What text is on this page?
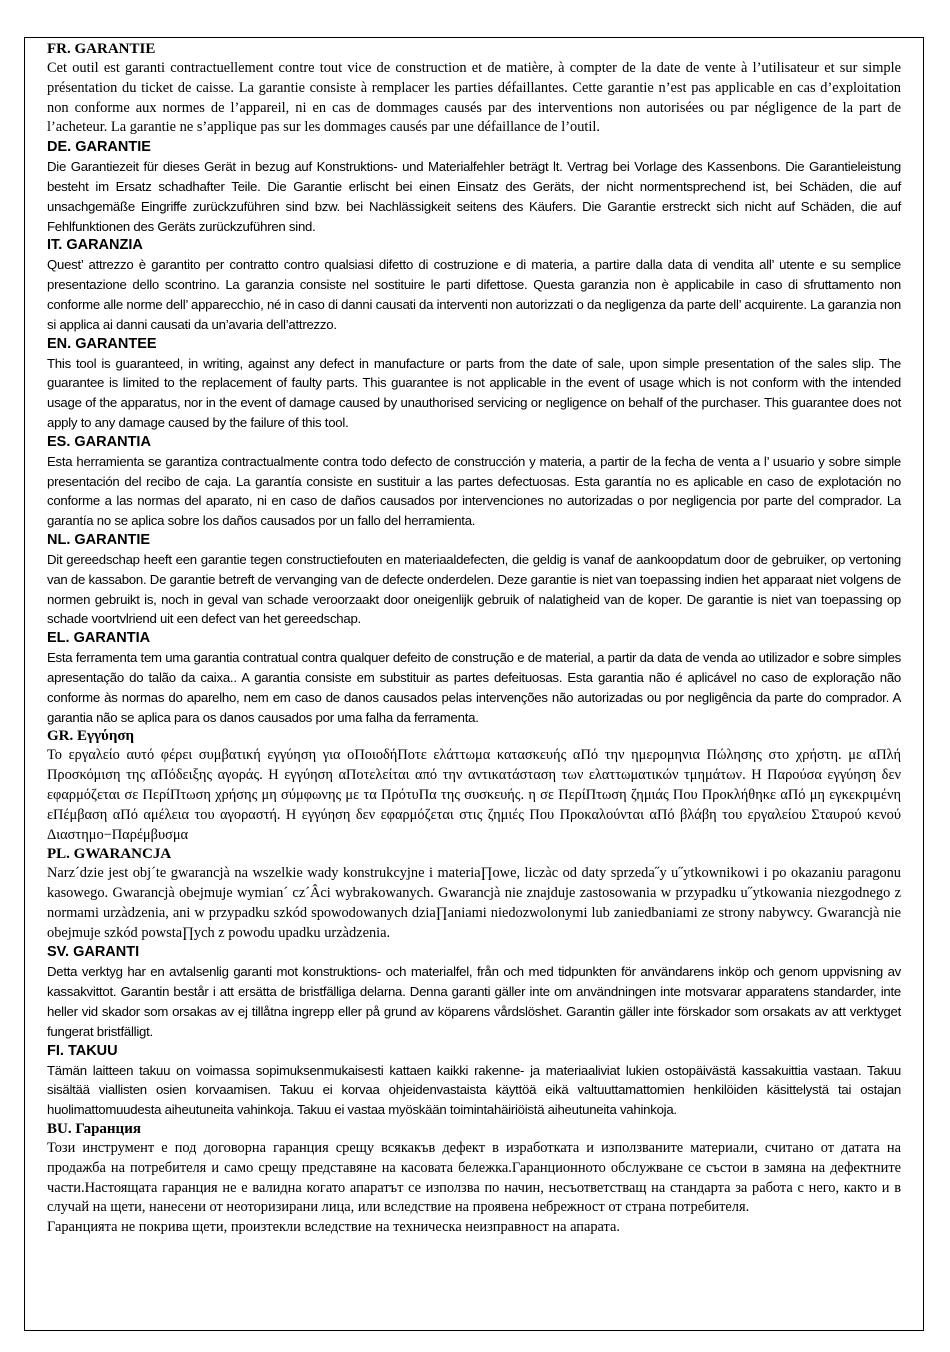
FR. GARANTIE

Cet outil est garanti contractuellement contre tout vice de construction et de matière, à compter de la date de vente à l’utilisateur et sur simple présentation du ticket de caisse. La garantie consiste à remplacer les parties défaillantes. Cette garantie n’est pas applicable en cas d’exploitation non conforme aux normes de l’appareil, ni en cas de dommages causés par des interventions non autorisées ou par négligence de la part de l’acheteur. La garantie ne s’applique pas sur les dommages causés par une défaillance de l’outil.

DE. GARANTIE

Die Garantiezeit für dieses Gerät in bezug auf Konstruktions- und Materialfehler beträgt lt. Vertrag bei Vorlage des Kassenbons. Die Garantieleistung besteht im Ersatz schadhafter Teile. Die Garantie erlischt bei einen Einsatz des Geräts, der nicht normentsprechend ist, bei Schäden, die auf unsachgemäße Eingriffe zurückzuführen sind bzw. bei Nachlässigkeit seitens des Käufers. Die Garantie erstreckt sich nicht auf Schäden, die auf Fehlfunktionen des Geräts zurückzuführen sind.

IT. GARANZIA

Quest’ attrezzo è garantito per contratto contro qualsiasi difetto di costruzione e di materia, a partire dalla data di vendita all’ utente e su semplice presentazione dello scontrino. La garanzia consiste nel sostituire le parti difettose. Questa garanzia non è applicabile in caso di sfruttamento non conforme alle norme dell’ apparecchio, né in caso di danni causati da interventi non autorizzati o da negligenza da parte dell’ acquirente. La garanzia non si applica ai danni causati da un’avaria dell’attrezzo.

EN. GARANTEE

This tool is guaranteed, in writing, against any defect in manufacture or parts from the date of sale, upon simple presentation of the sales slip. The guarantee is limited to the replacement of faulty parts. This guarantee is not applicable in the event of usage which is not conform with the intended usage of the apparatus, nor in the event of damage caused by unauthorised servicing or negligence on behalf of the purchaser. This guarantee does not apply to any damage caused by the failure of this tool.

ES. GARANTIA

Esta herramienta se garantiza contractualmente contra todo defecto de construcción y materia, a partir de la fecha de venta a l’ usuario y sobre simple presentación del recibo de caja. La garantía consiste en sustituir a las partes defectuosas. Esta garantía no es aplicable en caso de explotación no conforme a las normas del aparato, ni en caso de daños causados por intervenciones no autorizadas o por negligencia por parte del comprador. La garantía no se aplica sobre los daños causados por un fallo del herramienta.

NL. GARANTIE

Dit gereedschap heeft een garantie tegen constructiefouten en materiaaldefecten, die geldig is vanaf de aankoopdatum door de gebruiker, op vertoning van de kassabon. De garantie betreft de vervanging van de defecte onderdelen. Deze garantie is niet van toepassing indien het apparaat niet volgens de normen gebruikt is, noch in geval van schade veroorzaakt door oneigenlijk gebruik of nalatigheid van de koper. De garantie is niet van toepassing op schade voortvlriend uit een defect van het gereedschap.

EL. GARANTIA

Esta ferramenta tem uma garantia contratual contra qualquer defeito de construção e de material, a partir da data de venda ao utilizador e sobre simples apresentação do talão da caixa.. A garantia consiste em substituir as partes defeituosas. Esta garantia não é aplicável no caso de exploração não conforme às normas do aparelho, nem em caso de danos causados pelas intervenções não autorizadas ou por negligência da parte do comprador. A garantia não se aplica para os danos causados por uma falha da ferramenta.

GR. Εγγύηση

Το εργαλείο αυτό φέρει συμβατική εγγύηση για οΠοιοδήΠοτε ελάττωμα κατασκευής αΠό την ημερομηνια Πώλησης στο χρήστη. με αΠλή Προσκόμιση της αΠόδειξης αγοράς. Η εγγύηση αΠοτελείται από την αντικατάσταση των ελαττωματικών τμημάτων. Η Παρούσα εγγύηση δεν εφαρμόζεται σε ΠερίΠτωση χρήσης μη σύμφωνης με τα ΠρότυΠα της συσκευής. η σε ΠερίΠτωση ζημιάς Που Προκλήθηκε αΠό μη εγκεκριμένη εΠέμβαση αΠό αμέλεια του αγοραστή. Η εγγύηση δεν εφαρμόζεται στις ζημιές Που Προκαλούνται αΠό βλάβη του εργαλείου Σταυρού κενού Διαστημο−Παρέμβυσμα

PL. GWARANCJA

Narz´dzie jest obj´te gwarancjà na wszelkie wady konstrukcyjne i materia∏owe, liczàc od daty sprzeda˝y u˝ytkownikowi i po okazaniu paragonu kasowego. Gwarancjà obejmuje wymian´ cz´Âci wybrakowanych. Gwarancjà nie znajduje zastosowania w przypadku u˝ytkowania niezgodnego z normami urzàdzenia, ani w przypadku szkód spowodowanych dzia∏aniami niedozwolonymi lub zaniedbaniami ze strony nabywcy. Gwarancjà nie obejmuje szkód powsta∏ych z powodu upadku urzàdzenia.

SV. GARANTI

Detta verktyg har en avtalsenlig garanti mot konstruktions- och materialfel, från och med tidpunkten för användarens inköp och genom uppvisning av kassakvittot. Garantin består i att ersätta de bristfälliga delarna. Denna garanti gäller inte om användningen inte motsvarar apparatens standarder, inte heller vid skador som orsakas av ej tillåtna ingrepp eller på grund av köparens vårdslöshet. Garantin gäller inte förskador som orsakats av att verktyget fungerat bristfälligt.

FI. TAKUU

Tämän laitteen takuu on voimassa sopimuksenmukaisesti kattaen kaikki rakenne- ja materiaaliviat lukien ostopäivästä kassakuittia vastaan. Takuu sisältää viallisten osien korvaamisen. Takuu ei korvaa ohjeidenvastaista käyttöä eikä valtuuttamattomien henkilöiden käsittelystä tai ostajan huolimattomuudesta aiheutuneita vahinkoja. Takuu ei vastaa myöskään toimintahäiriöistä aiheutuneita vahinkoja.

BU. Гаранция

Този инструмент е под договорна гаранция срещу всякакъв дефект в изработката и използваните материали, считано от датата на продажба на потребителя и само срещу представяне на касовата бележка.Гаранционното обслужване се състои в замяна на дефектните части.Настоящата гаранция не е валидна когато апаратът се използва по начин, несъответстващ на стандарта за работа с него, както и в случай на щети, нанесени от неоторизирани лица, или вследствие на проявена небрежност от страна потребителя.

Гаранцията не покрива щети, произтекли вследствие на техническа неизправност на апарата.
